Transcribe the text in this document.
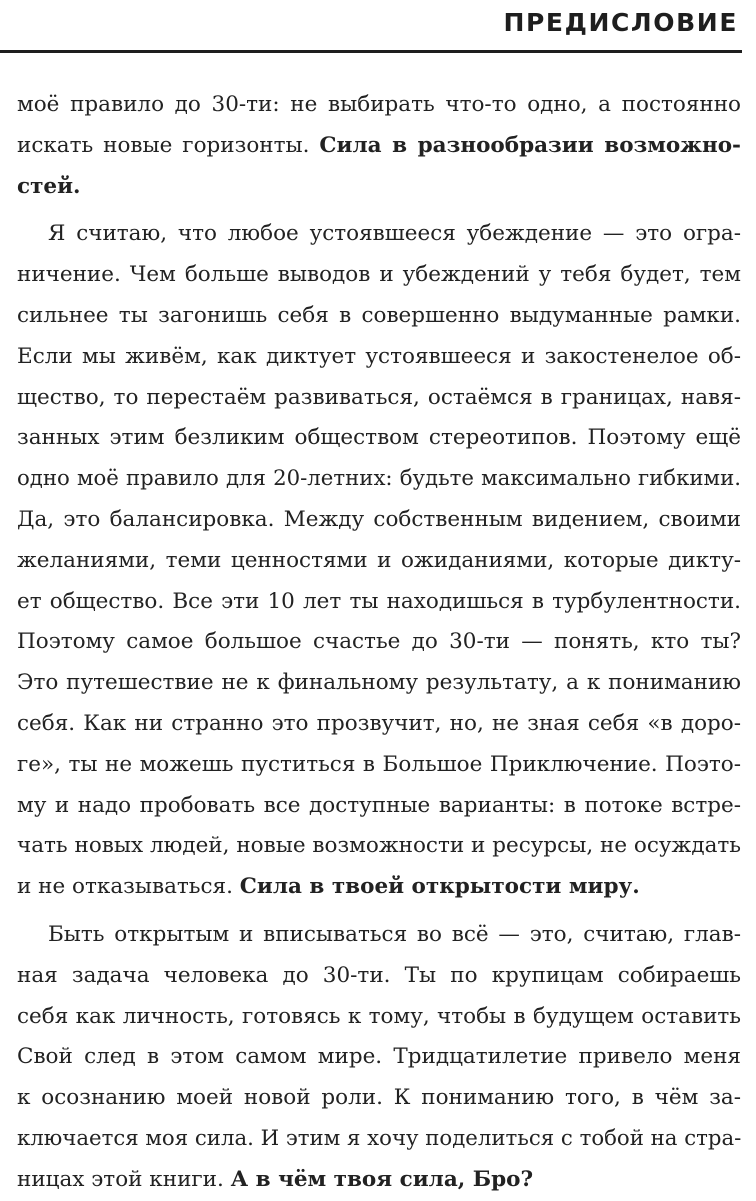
ПРЕДИСЛОВИЕ
моё правило до 30-ти: не выбирать что-то одно, а постоянно
искать новые горизонты. Сила в разнообразии возможно-
стей.
Я считаю, что любое устоявшееся убеждение — это огра-
ничение. Чем больше выводов и убеждений у тебя будет, тем
сильнее ты загонишь себя в совершенно выдуманные рамки.
Если мы живём, как диктует устоявшееся и закостенелое об-
щество, то перестаём развиваться, остаёмся в границах, навя-
занных этим безликим обществом стереотипов. Поэтому ещё
одно моё правило для 20-летних: будьте максимально гибкими.
Да, это балансировка. Между собственным видением, своими
желаниями, теми ценностями и ожиданиями, которые дикту-
ет общество. Все эти 10 лет ты находишься в турбулентности.
Поэтому самое большое счастье до 30-ти — понять, кто ты?
Это путешествие не к финальному результату, а к пониманию
себя. Как ни странно это прозвучит, но, не зная себя «в доро-
ге», ты не можешь пуститься в Большое Приключение. Поэто-
му и надо пробовать все доступные варианты: в потоке встре-
чать новых людей, новые возможности и ресурсы, не осуждать
и не отказываться. Сила в твоей открытости миру.
Быть открытым и вписываться во всё — это, считаю, глав-
ная задача человека до 30-ти. Ты по крупицам собираешь
себя как личность, готовясь к тому, чтобы в будущем оставить
Свой след в этом самом мире. Тридцатилетие привело меня
к осознанию моей новой роли. К пониманию того, в чём за-
ключается моя сила. И этим я хочу поделиться с тобой на стра-
ницах этой книги. А в чём твоя сила, Бро?
